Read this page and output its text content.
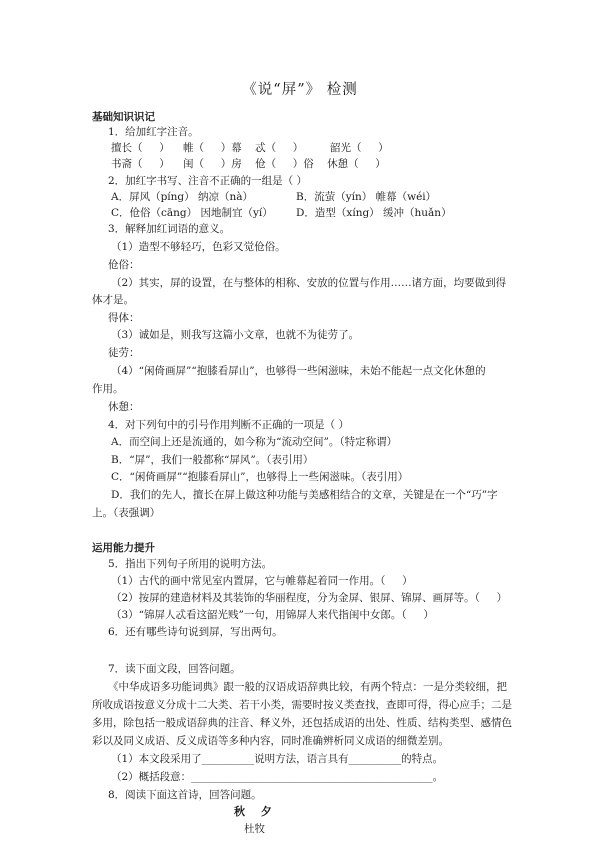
《说“屏”》 检测
基础知识识记
1．给加红字注音。
擅长（     ）    帷（     ）幕    忒（     ）        韶光（     ）
书斋（     ）    闺（     ）房    伧（     ）俗    休憩（     ）
2．加红字书写、注音不正确的一组是（ ）
A．屏风（píng） 纳凉（nà）	B．流萤（yín） 帷幕（wéi）
C．伧俗（cāng） 因地制宜（yí） D．造型（xíng） 缓冲（huǎn）
3．解释加红词语的意义。
（1）造型不够轻巧，色彩又觉伧俗。
伧俗：
（2）其实，屏的设置，在与整体的相称、安放的位置与作用……诸方面，均要做到得
体才是。
得体：
（3）诚如是，则我写这篇小文章，也就不为徒劳了。
徒劳：
（4）“闲倚画屏”“抱膝看屏山”，也够得一些闲滋味，未始不能起一点文化休憩的
作用。
休憩：
4．对下列句中的引号作用判断不正确的一项是（ ）
A．而空间上还是流通的，如今称为“流动空间”。（特定称谓）
B．“屏”，我们一般都称“屏风”。（表引用）
C．“闲倚画屏”“抱膝看屏山”，也够得上一些闲滋味。（表引用）
D．我们的先人，擅长在屏上做这种功能与美感相结合的文章，关键是在一个“巧”字
上。（表强调）
运用能力提升
5．指出下列句子所用的说明方法。
（1）古代的画中常见室内置屏，它与帷幕起着同一作用。（     ）
（2）按屏的建造材料及其装饰的华丽程度，分为金屏、银屏、锦屏、画屏等。（     ）
（3）“锦屏人忒看这韶光贱”一句，用锦屏人来代指闺中女郎。（     ）
6．还有哪些诗句说到屏，写出两句。
7．读下面文段，回答问题。
《中华成语多功能词典》跟一般的汉语成语辞典比较，有两个特点：一是分类较细，把
所收成语按意义分成十二大类、若干小类，需要时按义类查找，查即可得，得心应手；二是
多用，除包括一般成语辞典的注音、释义外，还包括成语的出处、性质、结构类型、感情色
彩以及同义成语、反义成语等多种内容，同时准确辨析同义成语的细微差别。
（1）本文段采用了__________说明方法，语言具有__________的特点。
（2）概括段意：______________________________________________。
8．阅读下面这首诗，回答问题。
秋 夕
杜牧
